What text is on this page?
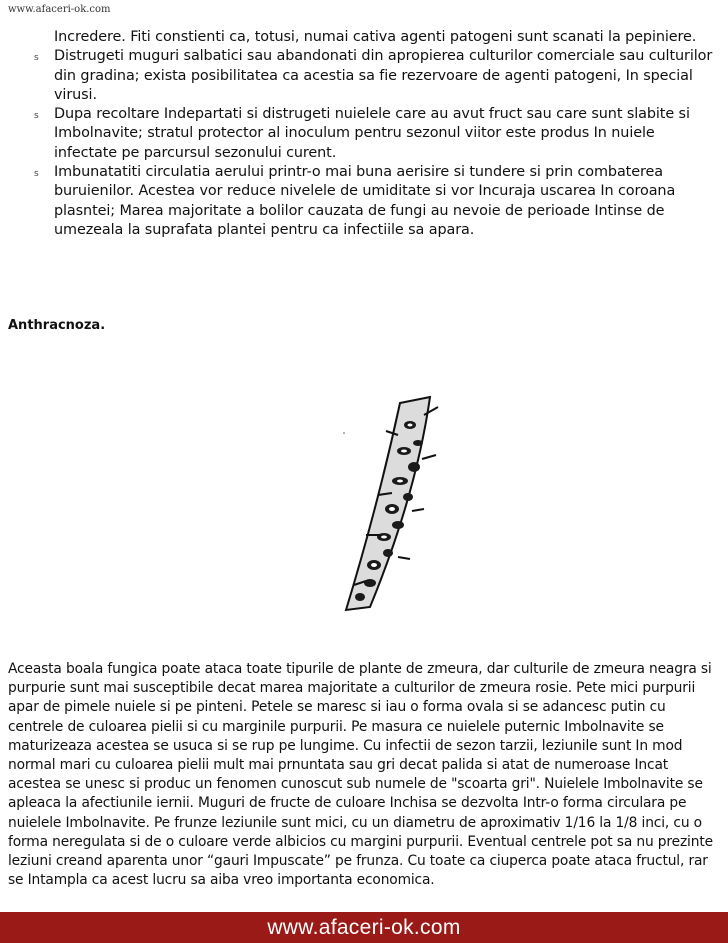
www.afaceri-ok.com
Incredere. Fiti constienti ca, totusi, numai cativa agenti patogeni sunt scanati la pepiniere.
s Distrugeti muguri salbatici sau abandonati din apropierea culturilor comerciale sau culturilor din gradina; exista posibilitatea ca acestia sa fie rezervoare de agenti patogeni, In special virusi.
s Dupa recoltare Indepartati si distrugeti nuielele care au avut fruct sau care sunt slabite si Imbolnavite; stratul protector al inoculum pentru sezonul viitor este produs In nuiele infectate pe parcursul sezonului curent.
s Imbunatatiti circulatia aerului printr-o mai buna aerisire si tundere si prin combaterea buruienilor. Acestea vor reduce nivelele de umiditate si vor Incuraja uscarea In coroana plasntei; Marea majoritate a bolilor cauzata de fungi au nevoie de perioade Intinse de umezeala la suprafata plantei pentru ca infectiile sa apara.
Anthracnoza.
Aceasta boala fungica poate ataca toate tipurile de plante de zmeura, dar culturile de zmeura neagra si purpurie sunt mai susceptibile decat marea majoritate a culturilor de zmeura rosie. Pete mici purpurii apar de pimele nuiele si pe pinteni. Petele se maresc si iau o forma ovala si se adancesc putin cu centrele de culoarea pielii si cu marginile purpurii. Pe masura ce nuielele puternic Imbolnavite se maturizeaza acestea se usuca si se rup pe lungime. Cu infectii de sezon tarzii, leziunile sunt In mod normal mari cu culoarea pielii mult mai prnuntata sau gri decat palida si atat de numeroase Incat acestea se unesc si produc un fenomen cunoscut sub numele de "scoarta gri". Nuielele Imbolnavite se apleaca la afectiunile iernii. Muguri de fructe de culoare Inchisa se dezvolta Intr-o forma circulara pe nuielele Imbolnavite. Pe frunze leziunile sunt mici, cu un diametru de aproximativ 1/16 la 1/8 inci, cu o forma neregulata si de o culoare verde albicios cu margini purpurii. Eventual centrele pot sa nu prezinte leziuni creand aparenta unor “gauri Impuscate” pe frunza. Cu toate ca ciuperca poate ataca fructul, rar se Intampla ca acest lucru sa aiba vreo importanta economica.
www.afaceri-ok.com
